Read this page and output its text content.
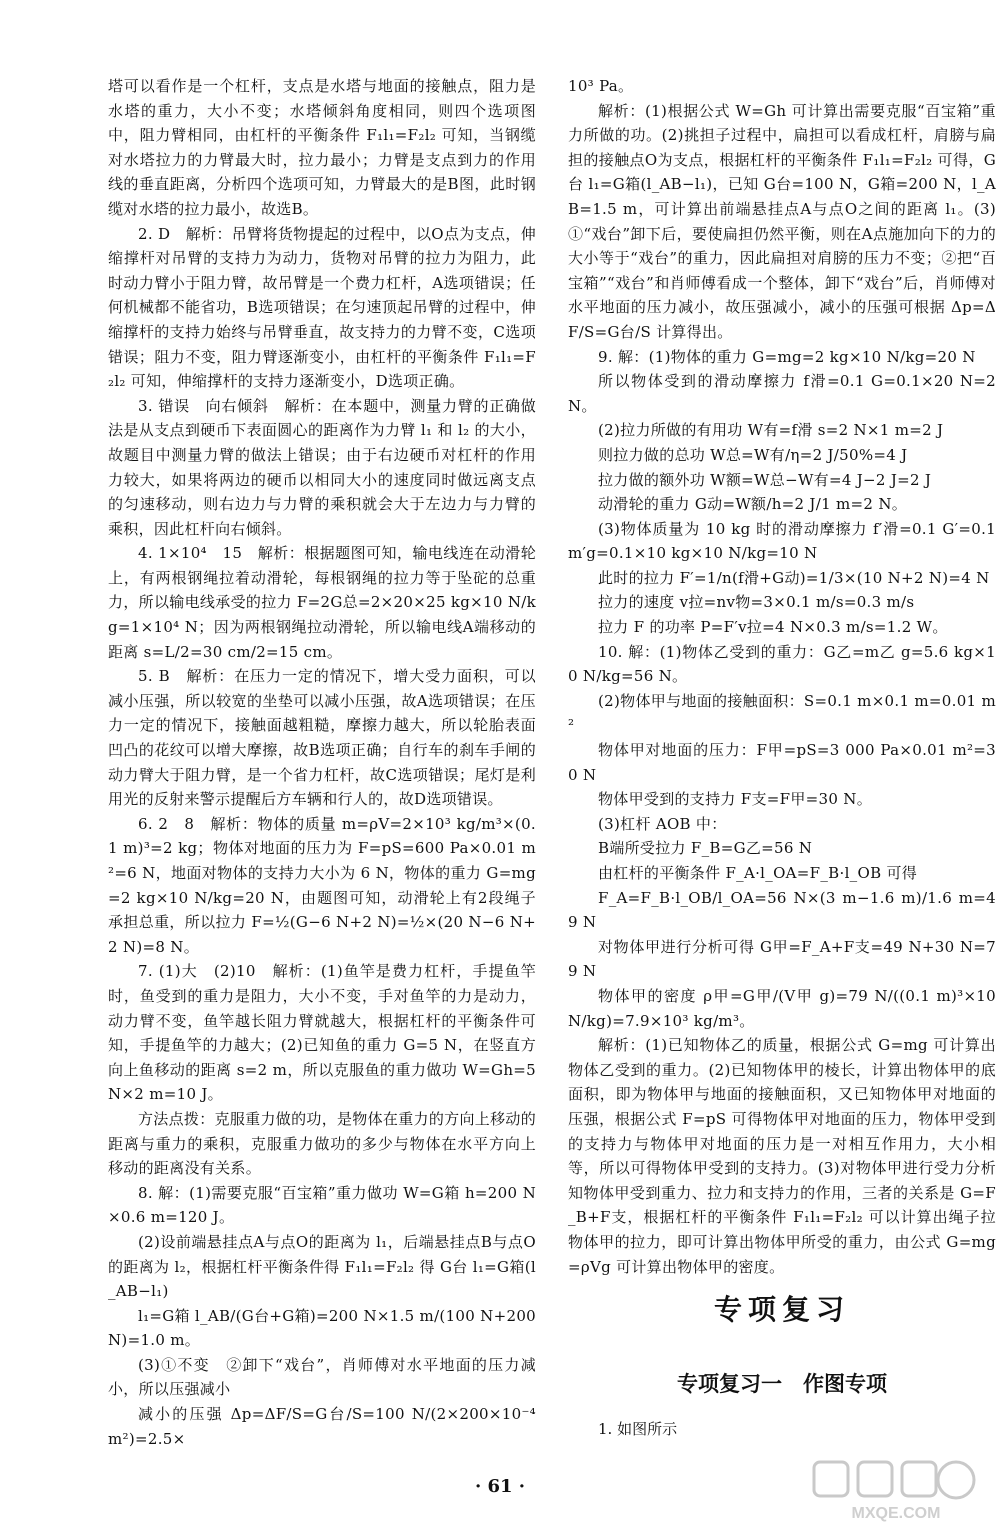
塔可以看作是一个杠杆，支点是水塔与地面的接触点，阻力是水塔的重力，大小不变；水塔倾斜角度相同，则四个选项图中，阻力臂相同，由杠杆的平衡条件 F₁l₁=F₂l₂ 可知，当钢缆对水塔拉力的力臂最大时，拉力最小；力臂是支点到力的作用线的垂直距离，分析四个选项可知，力臂最大的是B图，此时钢缆对水塔的拉力最小，故选B。

2. D　解析：吊臂将货物提起的过程中，以O点为支点，伸缩撑杆对吊臂的支持力为动力，货物对吊臂的拉力为阻力，此时动力臂小于阻力臂，故吊臂是一个费力杠杆，A选项错误；任何机械都不能省功，B选项错误；在匀速顶起吊臂的过程中，伸缩撑杆的支持力始终与吊臂垂直，故支持力的力臂不变，C选项错误；阻力不变，阻力臂逐渐变小，由杠杆的平衡条件 F₁l₁=F₂l₂ 可知，伸缩撑杆的支持力逐渐变小，D选项正确。

3. 错误　向右倾斜　解析：在本题中，测量力臂的正确做法是从支点到硬币下表面圆心的距离作为力臂 l₁ 和 l₂ 的大小，故题目中测量力臂的做法上错误；由于右边硬币对杠杆的作用力较大，如果将两边的硬币以相同大小的速度同时做远离支点的匀速移动，则右边力与力臂的乘积就会大于左边力与力臂的乘积，因此杠杆向右倾斜。

4. 1×10⁴　15　解析：根据题图可知，输电线连在动滑轮上，有两根钢绳拉着动滑轮，每根钢绳的拉力等于坠砣的总重力，所以输电线承受的拉力 F=2G总=2×20×25 kg×10 N/kg=1×10⁴ N；因为两根钢绳拉动滑轮，所以输电线A端移动的距离 s=L/2=30 cm/2=15 cm。

5. B　解析：在压力一定的情况下，增大受力面积，可以减小压强，所以较宽的坐垫可以减小压强，故A选项错误；在压力一定的情况下，接触面越粗糙，摩擦力越大，所以轮胎表面凹凸的花纹可以增大摩擦，故B选项正确；自行车的刹车手闸的动力臂大于阻力臂，是一个省力杠杆，故C选项错误；尾灯是利用光的反射来警示提醒后方车辆和行人的，故D选项错误。

6. 2　8　解析：物体的质量 m=ρV=2×10³ kg/m³×(0.1 m)³=2 kg；物体对地面的压力为 F=pS=600 Pa×0.01 m²=6 N，地面对物体的支持力大小为 6 N，物体的重力 G=mg=2 kg×10 N/kg=20 N，由题图可知，动滑轮上有2段绳子承担总重，所以拉力 F=½(G−6 N+2 N)=½×(20 N−6 N+2 N)=8 N。

7. (1)大　(2)10　解析：(1)鱼竿是费力杠杆，手提鱼竿时，鱼受到的重力是阻力，大小不变，手对鱼竿的力是动力，动力臂不变，鱼竿越长阻力臂就越大，根据杠杆的平衡条件可知，手提鱼竿的力越大；(2)已知鱼的重力 G=5 N，在竖直方向上鱼移动的距离 s=2 m，所以克服鱼的重力做功 W=Gh=5 N×2 m=10 J。

方法点拨：克服重力做的功，是物体在重力的方向上移动的距离与重力的乘积，克服重力做功的多少与物体在水平方向上移动的距离没有关系。

8. 解：(1)需要克服“百宝箱”重力做功 W=G箱 h=200 N×0.6 m=120 J。

(2)设前端悬挂点A与点O的距离为 l₁，后端悬挂点B与点O的距离为 l₂，根据杠杆平衡条件得 F₁l₁=F₂l₂ 得 G台 l₁=G箱(l_AB−l₁)

l₁=G箱 l_AB/(G台+G箱)=200 N×1.5 m/(100 N+200 N)=1.0 m。

(3)①不变　②卸下“戏台”，肖师傅对水平地面的压力减小，所以压强减小

减小的压强 Δp=ΔF/S=G台/S=100 N/(2×200×10⁻⁴ m²)=2.5×

10³ Pa。

解析：(1)根据公式 W=Gh 可计算出需要克服“百宝箱”重力所做的功。(2)挑担子过程中，扁担可以看成杠杆，肩膀与扁担的接触点O为支点，根据杠杆的平衡条件 F₁l₁=F₂l₂ 可得，G台 l₁=G箱(l_AB−l₁)，已知 G台=100 N，G箱=200 N，l_AB=1.5 m，可计算出前端悬挂点A与点O之间的距离 l₁。(3)①“戏台”卸下后，要使扁担仍然平衡，则在A点施加向下的力的大小等于“戏台”的重力，因此扁担对肩膀的压力不变；②把“百宝箱”“戏台”和肖师傅看成一个整体，卸下“戏台”后，肖师傅对水平地面的压力减小，故压强减小，减小的压强可根据 Δp=ΔF/S=G台/S 计算得出。

9. 解：(1)物体的重力 G=mg=2 kg×10 N/kg=20 N

所以物体受到的滑动摩擦力 f滑=0.1 G=0.1×20 N=2 N。

(2)拉力所做的有用功 W有=f滑 s=2 N×1 m=2 J

则拉力做的总功 W总=W有/η=2 J/50%=4 J

拉力做的额外功 W额=W总−W有=4 J−2 J=2 J

动滑轮的重力 G动=W额/h=2 J/1 m=2 N。

(3)物体质量为 10 kg 时的滑动摩擦力 f′滑=0.1 G′=0.1 m′g=0.1×10 kg×10 N/kg=10 N

此时的拉力 F′=1/n(f滑+G动)=1/3×(10 N+2 N)=4 N

拉力的速度 v拉=nv物=3×0.1 m/s=0.3 m/s

拉力 F 的功率 P=F′v拉=4 N×0.3 m/s=1.2 W。

10. 解：(1)物体乙受到的重力：G乙=m乙 g=5.6 kg×10 N/kg=56 N。

(2)物体甲与地面的接触面积：S=0.1 m×0.1 m=0.01 m²

物体甲对地面的压力：F甲=pS=3 000 Pa×0.01 m²=30 N

物体甲受到的支持力 F支=F甲=30 N。

(3)杠杆 AOB 中：

B端所受拉力 F_B=G乙=56 N

由杠杆的平衡条件 F_A·l_OA=F_B·l_OB 可得

F_A=F_B·l_OB/l_OA=56 N×(3 m−1.6 m)/1.6 m=49 N

对物体甲进行分析可得 G甲=F_A+F支=49 N+30 N=79 N

物体甲的密度 ρ甲=G甲/(V甲 g)=79 N/((0.1 m)³×10 N/kg)=7.9×10³ kg/m³。

解析：(1)已知物体乙的质量，根据公式 G=mg 可计算出物体乙受到的重力。(2)已知物体甲的棱长，计算出物体甲的底面积，即为物体甲与地面的接触面积，又已知物体甲对地面的压强，根据公式 F=pS 可得物体甲对地面的压力，物体甲受到的支持力与物体甲对地面的压力是一对相互作用力，大小相等，所以可得物体甲受到的支持力。(3)对物体甲进行受力分析知物体甲受到重力、拉力和支持力的作用，三者的关系是 G=F_B+F支，根据杠杆的平衡条件 F₁l₁=F₂l₂ 可以计算出绳子拉物体甲的拉力，即可计算出物体甲所受的重力，由公式 G=mg=ρVg 可计算出物体甲的密度。

专项复习
专项复习一　作图专项
1. 如图所示
· 61 ·
MXQE.COM
